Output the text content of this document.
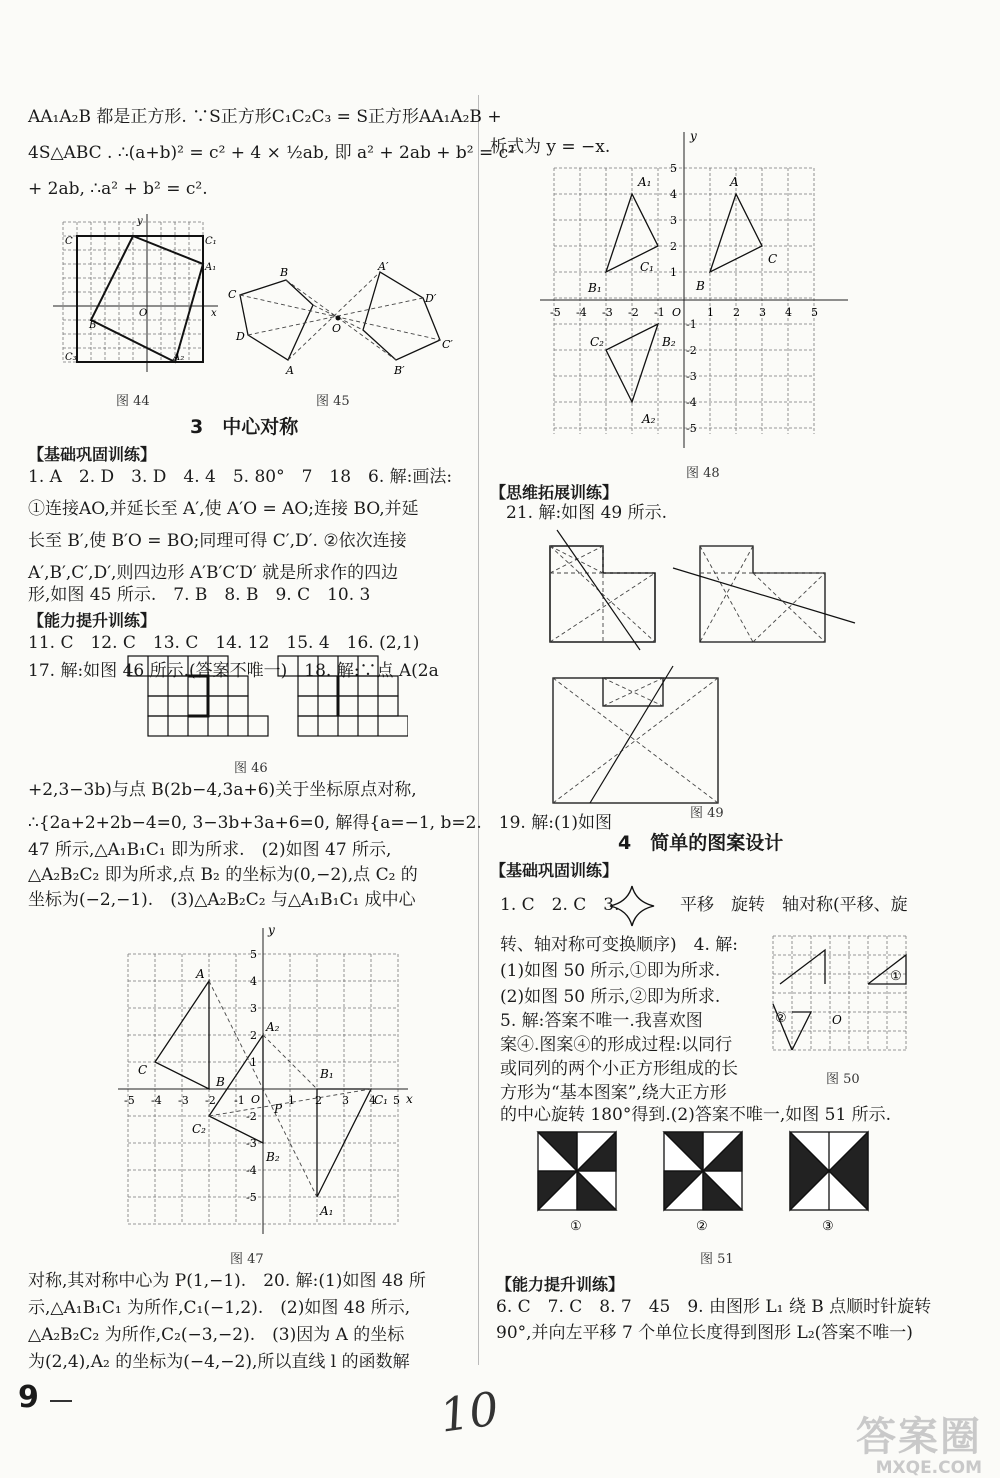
AA₁A₂B 都是正方形. ∵S正方形C₁C₂C₃ = S正方形AA₁A₂B +
4S△ABC . ∴(a+b)² = c² + 4 × ½ab, 即 a² + 2ab + b² = c²
+ 2ab, ∴a² + b² = c².
C	C₁
A₁
B
C₃	A₂
y
x
O
图 44
B
C
D
A
O
A′
D′
C′
B′
图 45
3　中心对称
【基础巩固训练】
1. A　2. D　3. D　4. 4　5. 80°　7　18　6. 解:画法:
①连接AO,并延长至 A′,使 A′O = AO;连接 BO,并延
长至 B′,使 B′O = BO;同理可得 C′,D′. ②依次连接
A′,B′,C′,D′,则四边形 A′B′C′D′ 就是所求作的四边
形,如图 45 所示.　7. B　8. B　9. C　10. 3
【能力提升训练】
11. C　12. C　13. C　14. 12　15. 4　16. (2,1)
17. 解:如图 46 所示.(答案不唯一)　18. 解:∵点 A(2a
图 46
+2,3−3b)与点 B(2b−4,3a+6)关于坐标原点对称,
∴{2a+2+2b−4=0, 3−3b+3a+6=0, 解得{a=−1, b=2.　19. 解:(1)如图
47 所示,△A₁B₁C₁ 即为所求.　(2)如图 47 所示,
△A₂B₂C₂ 即为所求,点 B₂ 的坐标为(0,−2),点 C₂ 的
坐标为(−2,−1).　(3)△A₂B₂C₂ 与△A₁B₁C₁ 成中心
A
C
B
A₂
C₂
B₂
B₁
C₁
A₁
P
y
x
O
-5 -4 -3 -2 -1	1 2 3 4 5
5
4
3
2
1
-2
-3
-4
-5
图 47
对称,其对称中心为 P(1,−1).　20. 解:(1)如图 48 所
示,△A₁B₁C₁ 为所作,C₁(−1,2).　(2)如图 48 所示,
△A₂B₂C₂ 为所作,C₂(−3,−2).　(3)因为 A 的坐标
为(2,4),A₂ 的坐标为(−4,−2),所以直线 l 的函数解
析式为 y = −x.
A
A₁
C
C₁
B
B₁
C₂	B₂
A₂
y
O
-5 -4 -3 -2 -1	1 2 3 4 5
5
4
3
2
1
-1
-2
-3
-4
-5
图 48
【思维拓展训练】
21. 解:如图 49 所示.
图 49
4　简单的图案设计
【基础巩固训练】
1. C　2. C　3.	平移　旋转　轴对称(平移、旋
转、轴对称可变换顺序)　4. 解:
(1)如图 50 所示,①即为所求.
(2)如图 50 所示,②即为所求.
5. 解:答案不唯一.我喜欢图
案④.图案④的形成过程:以同行
或同列的两个小正方形组成的长
方形为“基本图案”,绕大正方形
的中心旋转 180°得到.(2)答案不唯一,如图 51 所示.
①
②	O
图 50
①	②	③
图 51
【能力提升训练】
6. C　7. C　8. 7　45　9. 由图形 L₁ 绕 B 点顺时针旋转
90°,并向左平移 7 个单位长度得到图形 L₂(答案不唯一)
9	10	答案圈
MXQE.COM
